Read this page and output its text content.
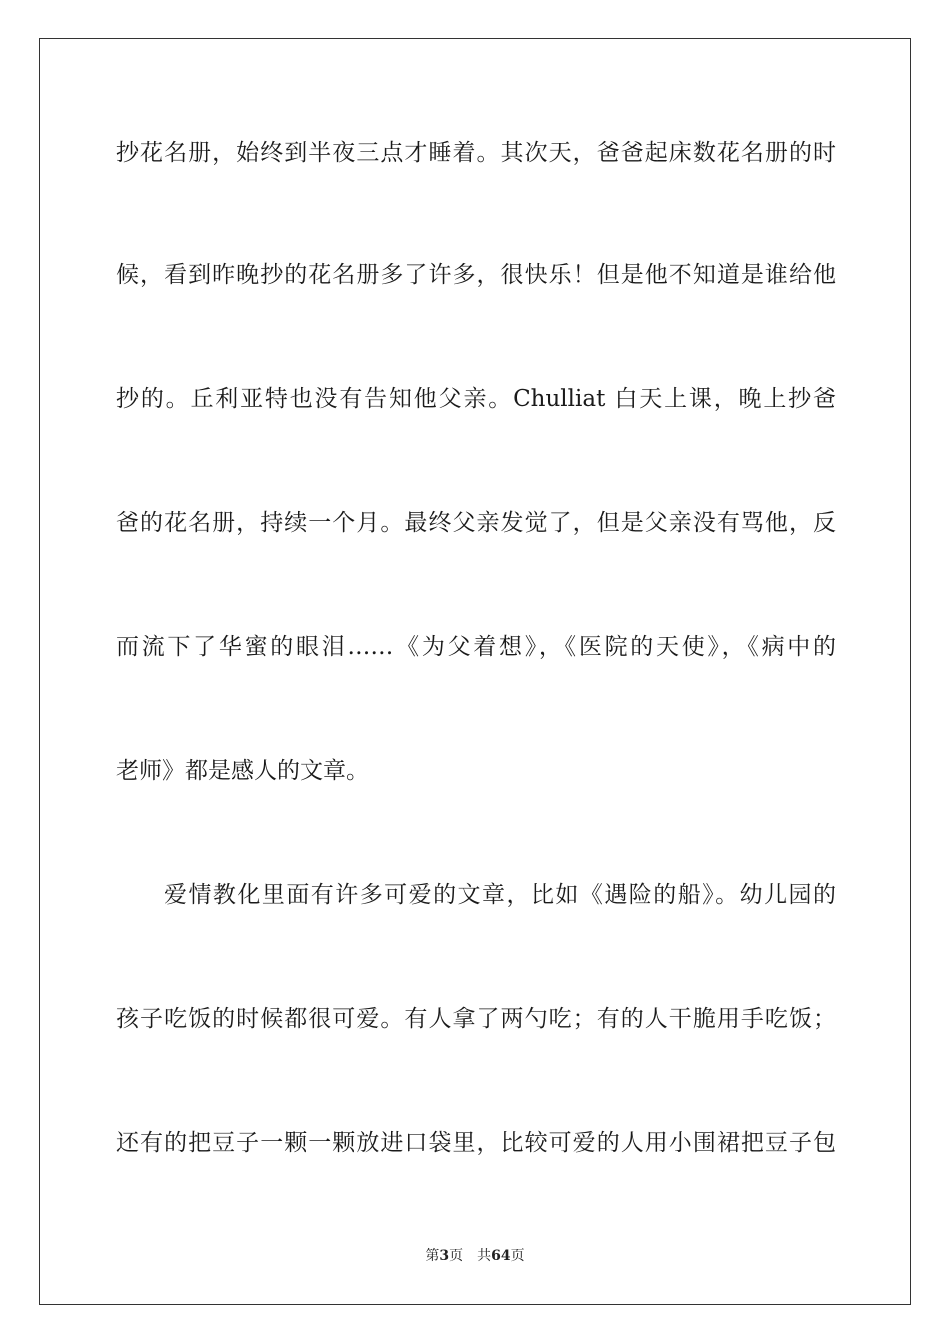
抄花名册，始终到半夜三点才睡着。其次天，爸爸起床数花名册的时
候，看到昨晚抄的花名册多了许多，很快乐！但是他不知道是谁给他
抄的。丘利亚特也没有告知他父亲。Chulliat 白天上课，晚上抄爸
爸的花名册，持续一个月。最终父亲发觉了，但是父亲没有骂他，反
而流下了华蜜的眼泪……《为父着想》，《医院的天使》，《病中的
老师》都是感人的文章。
爱情教化里面有许多可爱的文章，比如《遇险的船》。幼儿园的
孩子吃饭的时候都很可爱。有人拿了两勺吃；有的人干脆用手吃饭；
还有的把豆子一颗一颗放进口袋里，比较可爱的人用小围裙把豆子包
第3页 共64页
